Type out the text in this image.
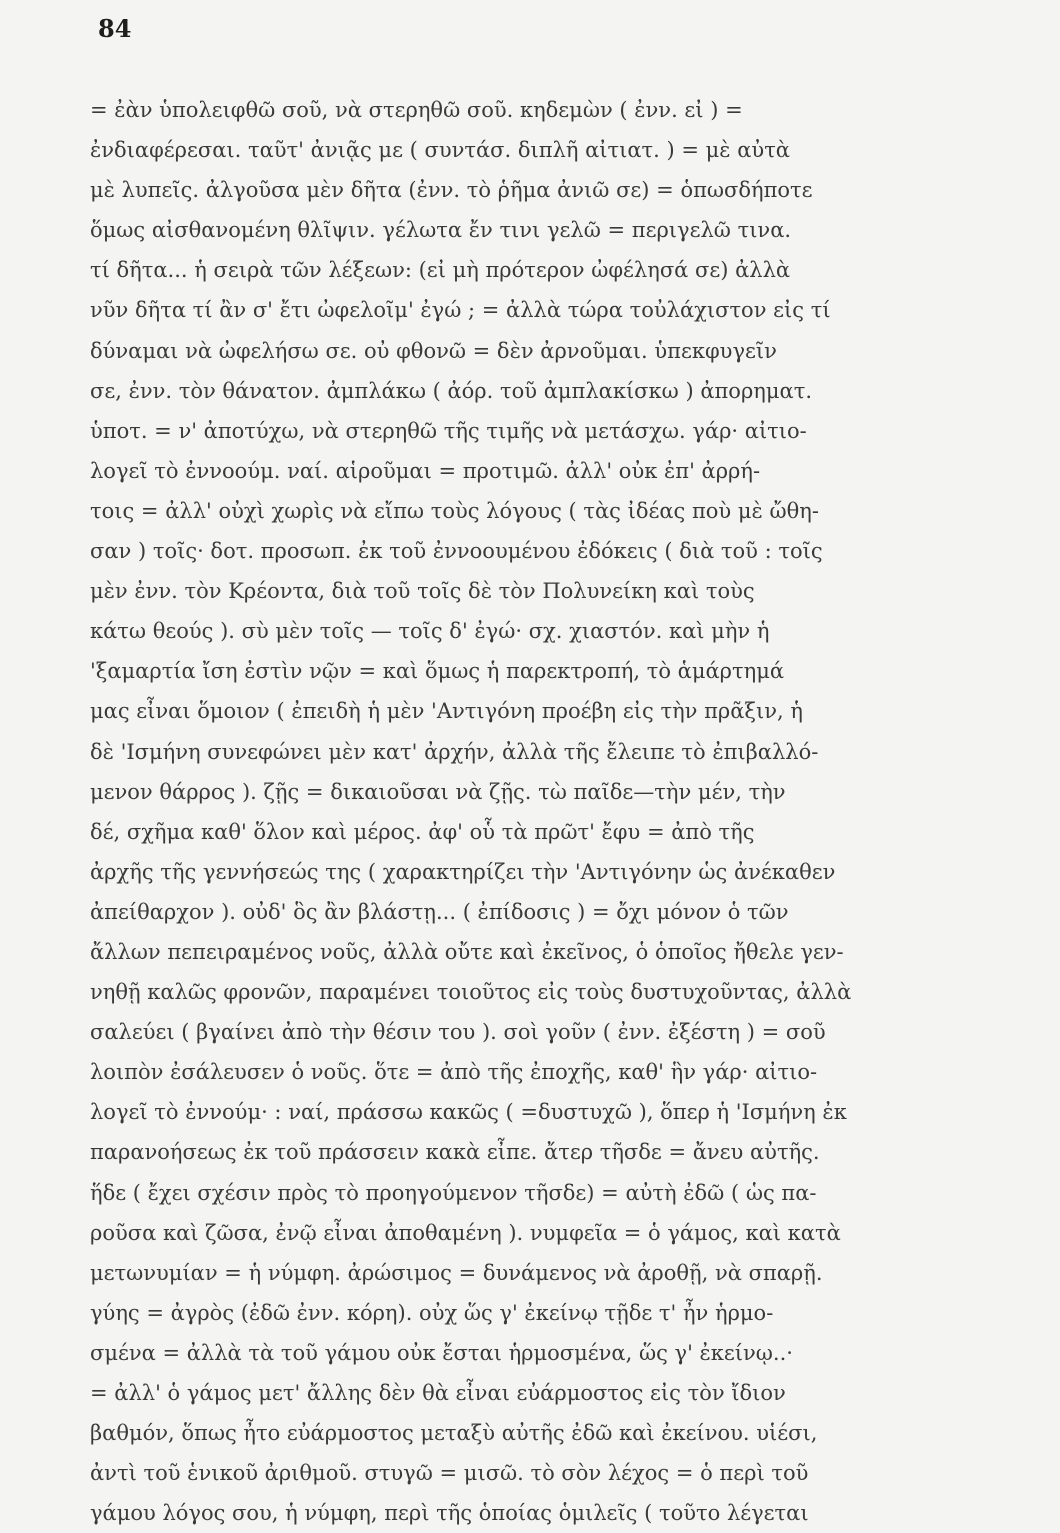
84
= ἐὰν ὑπολειφθῶ σοῦ, νὰ στερηθῶ σοῦ. κηδεμὼν ( ἐνν. εἰ ) =
ἐνδιαφέρεσαι. ταῦτ' ἀνιᾷς με ( συντάσ. διπλῆ αἰτιατ. ) = μὲ αὐτὰ
μὲ λυπεῖς. ἀλγοῦσα μὲν δῆτα (ἐνν. τὸ ῥῆμα ἀνιῶ σε) = ὁπωσδήποτε
ὅμως αἰσθανομένη θλῖψιν. γέλωτα ἔν τινι γελῶ = περιγελῶ τινα.
τί δῆτα... ἡ σειρὰ τῶν λέξεων: (εἰ μὴ πρότερον ὠφέλησά σε) ἀλλὰ
νῦν δῆτα τί ἂν σ' ἔτι ὠφελοῖμ' ἐγώ ; = ἀλλὰ τώρα τοὐλάχιστον εἰς τί
δύναμαι νὰ ὠφελήσω σε. οὐ φθονῶ = δὲν ἀρνοῦμαι. ὑπεκφυγεῖν
σε, ἐνν. τὸν θάνατον. ἀμπλάκω ( ἀόρ. τοῦ ἀμπλακίσκω ) ἀπορηματ.
ὑποτ. = ν' ἀποτύχω, νὰ στερηθῶ τῆς τιμῆς νὰ μετάσχω. γάρ· αἰτιο-
λογεῖ τὸ ἐννοούμ. ναί. αἱροῦμαι = προτιμῶ. ἀλλ' οὐκ ἐπ' ἀρρή-
τοις = ἀλλ' οὐχὶ χωρὶς νὰ εἴπω τοὺς λόγους ( τὰς ἰδέας ποὺ μὲ ὤθη-
σαν ) τοῖς· δοτ. προσωπ. ἐκ τοῦ ἐννοουμένου ἐδόκεις ( διὰ τοῦ : τοῖς
μὲν ἐνν. τὸν Κρέοντα, διὰ τοῦ τοῖς δὲ τὸν Πολυνείκη καὶ τοὺς
κάτω θεούς ). σὺ μὲν τοῖς — τοῖς δ' ἐγώ· σχ. χιαστόν. καὶ μὴν ἡ
'ξαμαρτία ἴση ἐστὶν νῷν = καὶ ὅμως ἡ παρεκτροπή, τὸ ἁμάρτημά
μας εἶναι ὅμοιον ( ἐπειδὴ ἡ μὲν 'Αντιγόνη προέβη εἰς τὴν πρᾶξιν, ἡ
δὲ 'Ισμήνη συνεφώνει μὲν κατ' ἀρχήν, ἀλλὰ τῆς ἔλειπε τὸ ἐπιβαλλό-
μενον θάρρος ). ζῇς = δικαιοῦσαι νὰ ζῇς. τὼ παῖδε—τὴν μέν, τὴν
δέ, σχῆμα καθ' ὅλον καὶ μέρος. ἀφ' οὗ τὰ πρῶτ' ἔφυ = ἀπὸ τῆς
ἀρχῆς τῆς γεννήσεώς της ( χαρακτηρίζει τὴν 'Αντιγόνην ὡς ἀνέκαθεν
ἀπείθαρχον ). οὐδ' ὃς ἂν βλάστῃ... ( ἐπίδοσις ) = ὄχι μόνον ὁ τῶν
ἄλλων πεπειραμένος νοῦς, ἀλλὰ οὔτε καὶ ἐκεῖνος, ὁ ὁποῖος ἤθελε γεν-
νηθῇ καλῶς φρονῶν, παραμένει τοιοῦτος εἰς τοὺς δυστυχοῦντας, ἀλλὰ
σαλεύει ( βγαίνει ἀπὸ τὴν θέσιν του ). σοὶ γοῦν ( ἐνν. ἐξέστη ) = σοῦ
λοιπὸν ἐσάλευσεν ὁ νοῦς. ὅτε = ἀπὸ τῆς ἐποχῆς, καθ' ἣν γάρ· αἰτιο-
λογεῖ τὸ ἐννούμ· : ναί, πράσσω κακῶς ( =δυστυχῶ ), ὅπερ ἡ 'Ισμήνη ἐκ
παρανοήσεως ἐκ τοῦ πράσσειν κακὰ εἶπε. ἄτερ τῆσδε = ἄνευ αὐτῆς.
ἥδε ( ἔχει σχέσιν πρὸς τὸ προηγούμενον τῆσδε) = αὐτὴ ἐδῶ ( ὡς πα-
ροῦσα καὶ ζῶσα, ἐνῷ εἶναι ἀποθαμένη ). νυμφεῖα = ὁ γάμος, καὶ κατὰ
μετωνυμίαν = ἡ νύμφη. ἀρώσιμος = δυνάμενος νὰ ἀροθῇ, νὰ σπαρῇ.
γύης = ἀγρὸς (ἐδῶ ἐνν. κόρη). οὐχ ὥς γ' ἐκείνῳ τῇδε τ' ἦν ἡρμο-
σμένα = ἀλλὰ τὰ τοῦ γάμου οὐκ ἔσται ἡρμοσμένα, ὥς γ' ἐκείνῳ..·
= ἀλλ' ὁ γάμος μετ' ἄλλης δὲν θὰ εἶναι εὐάρμοστος εἰς τὸν ἴδιον
βαθμόν, ὅπως ἦτο εὐάρμοστος μεταξὺ αὐτῆς ἐδῶ καὶ ἐκείνου. υἱέσι,
ἀντὶ τοῦ ἑνικοῦ ἀριθμοῦ. στυγῶ = μισῶ. τὸ σὸν λέχος = ὁ περὶ τοῦ
γάμου λόγος σου, ἡ νύμφη, περὶ τῆς ὁποίας ὁμιλεῖς ( τοῦτο λέγεται
